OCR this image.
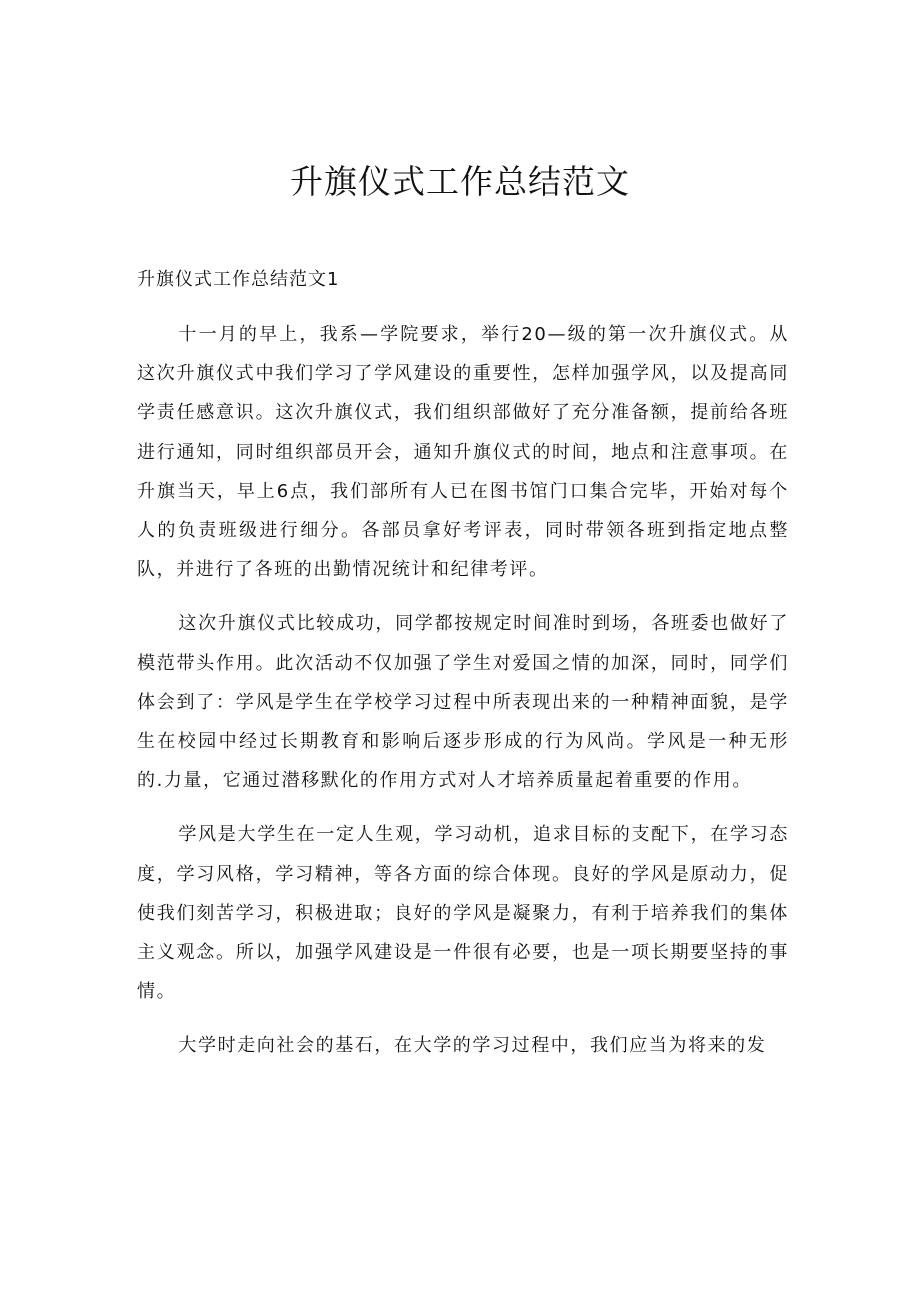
升旗仪式工作总结范文
升旗仪式工作总结范文1

十一月的早上，我系—学院要求，举行20—级的第一次升旗仪式。从这次升旗仪式中我们学习了学风建设的重要性，怎样加强学风，以及提高同学责任感意识。这次升旗仪式，我们组织部做好了充分准备额，提前给各班进行通知，同时组织部员开会，通知升旗仪式的时间，地点和注意事项。在升旗当天，早上6点，我们部所有人已在图书馆门口集合完毕，开始对每个人的负责班级进行细分。各部员拿好考评表，同时带领各班到指定地点整队，并进行了各班的出勤情况统计和纪律考评。

这次升旗仪式比较成功，同学都按规定时间准时到场，各班委也做好了模范带头作用。此次活动不仅加强了学生对爱国之情的加深，同时，同学们体会到了：学风是学生在学校学习过程中所表现出来的一种精神面貌，是学生在校园中经过长期教育和影响后逐步形成的行为风尚。学风是一种无形的.力量，它通过潜移默化的作用方式对人才培养质量起着重要的作用。

学风是大学生在一定人生观，学习动机，追求目标的支配下，在学习态度，学习风格，学习精神，等各方面的综合体现。良好的学风是原动力，促使我们刻苦学习，积极进取；良好的学风是凝聚力，有利于培养我们的集体主义观念。所以，加强学风建设是一件很有必要，也是一项长期要坚持的事情。

大学时走向社会的基石，在大学的学习过程中，我们应当为将来的发
